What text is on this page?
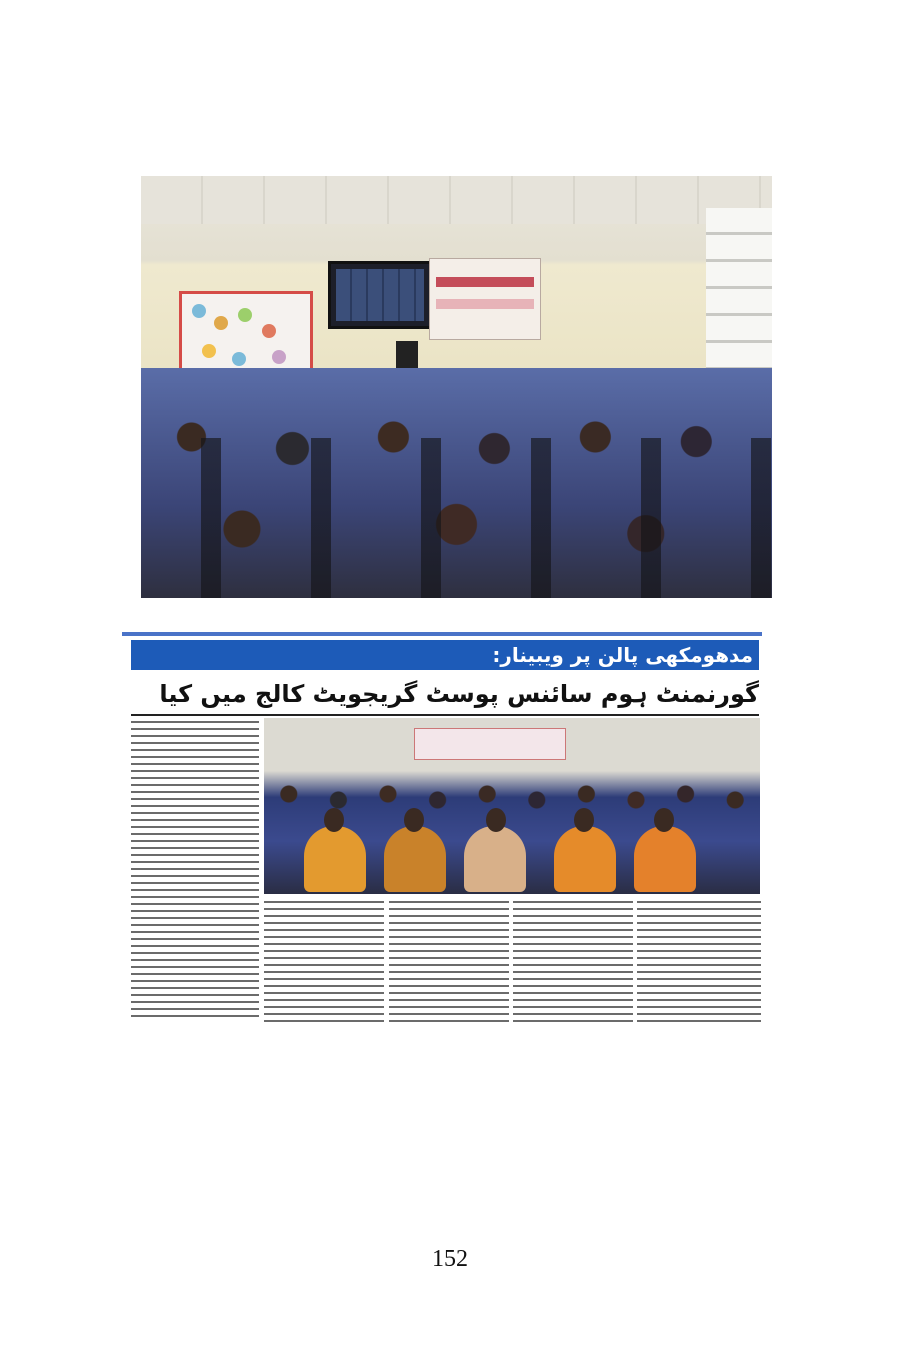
مدھومکھی پالن پر ویبینار:
گورنمنٹ ہوم سائنس پوسٹ گریجویٹ کالج میں کیا
152
